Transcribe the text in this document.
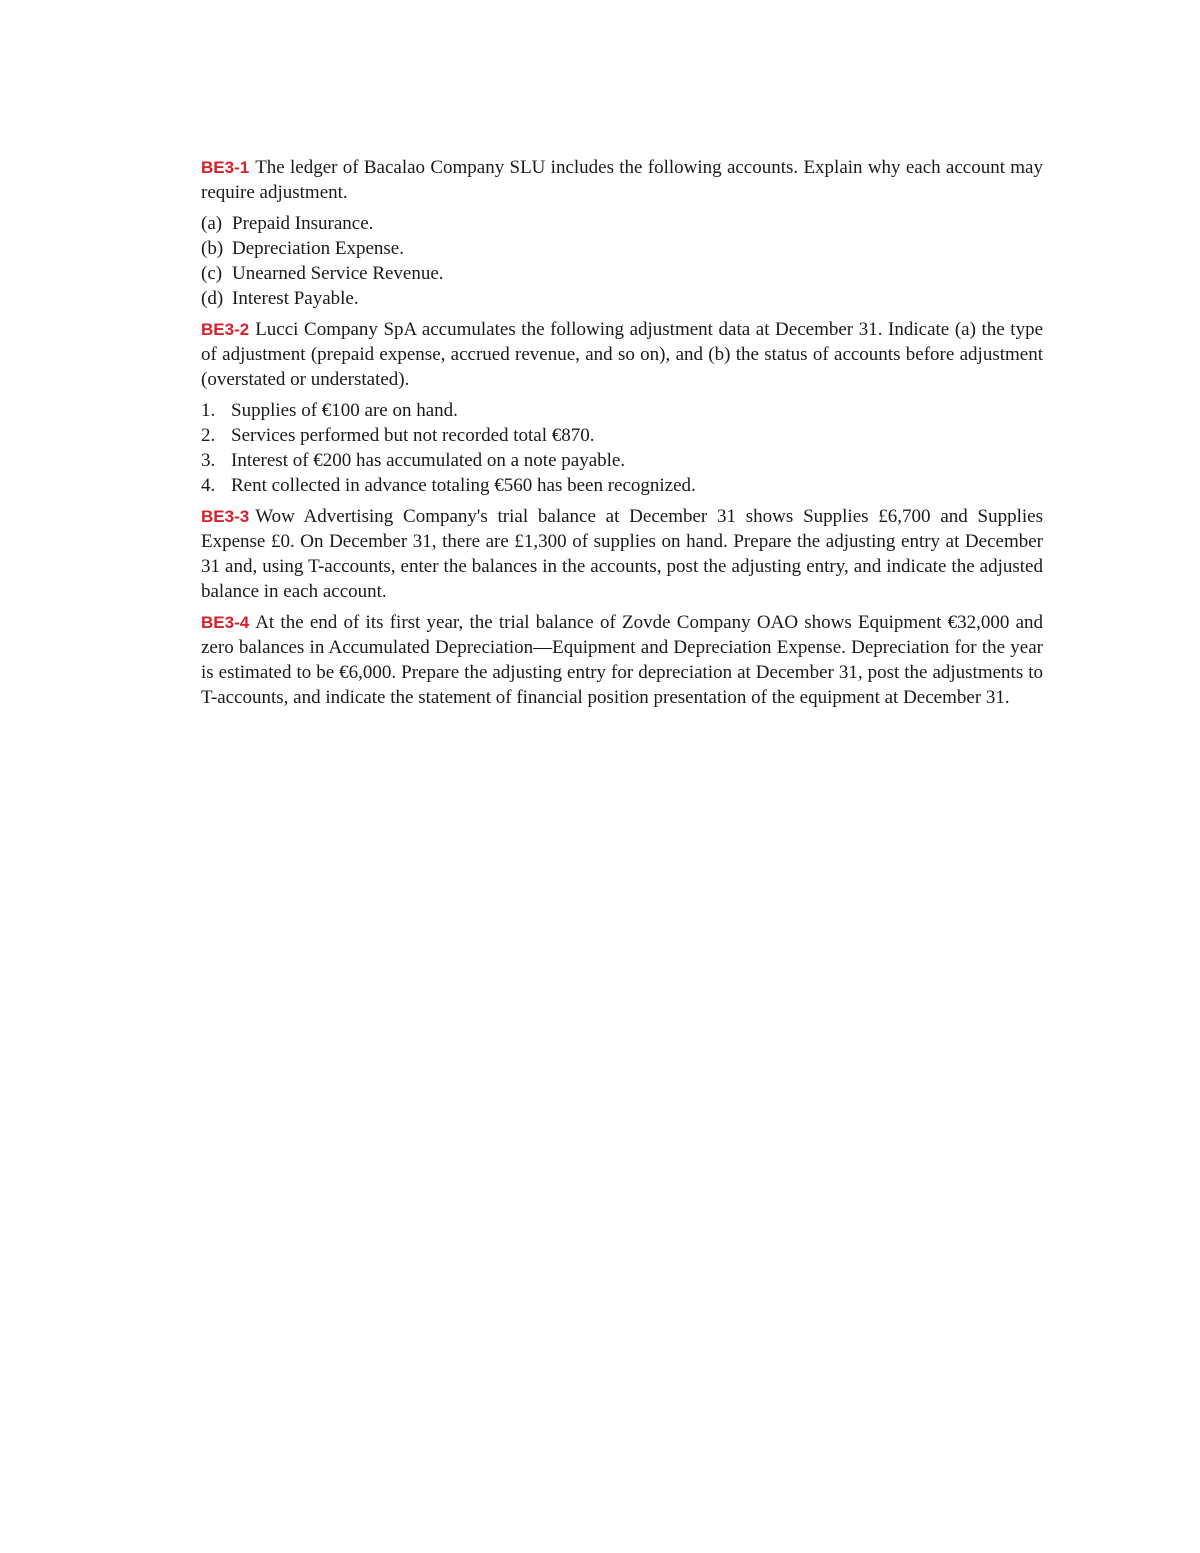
BE3-1 The ledger of Bacalao Company SLU includes the following accounts. Explain why each account may require adjustment.

(a) Prepaid Insurance.
(b) Depreciation Expense.
(c) Unearned Service Revenue.
(d) Interest Payable.

BE3-2 Lucci Company SpA accumulates the following adjustment data at December 31. Indicate (a) the type of adjustment (prepaid expense, accrued revenue, and so on), and (b) the status of accounts before adjustment (overstated or understated).

1. Supplies of €100 are on hand.
2. Services performed but not recorded total €870.
3. Interest of €200 has accumulated on a note payable.
4. Rent collected in advance totaling €560 has been recognized.

BE3-3 Wow Advertising Company's trial balance at December 31 shows Supplies £6,700 and Supplies Expense £0. On December 31, there are £1,300 of supplies on hand. Prepare the adjusting entry at December 31 and, using T-accounts, enter the balances in the accounts, post the adjusting entry, and indicate the adjusted balance in each account.

BE3-4 At the end of its first year, the trial balance of Zovde Company OAO shows Equipment €32,000 and zero balances in Accumulated Depreciation—Equipment and Depreciation Expense. Depreciation for the year is estimated to be €6,000. Prepare the adjusting entry for depreciation at December 31, post the adjustments to T-accounts, and indicate the statement of financial position presentation of the equipment at December 31.
